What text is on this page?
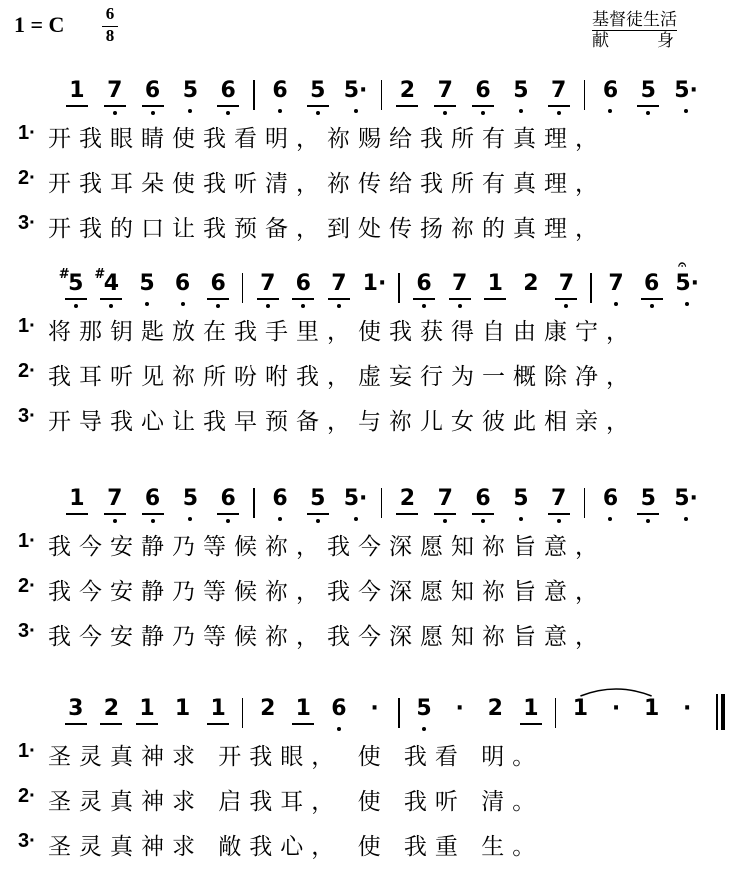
1 = C 6
8
基督徒生活
献	身
1 7 6 5 6 6 5 5· 2 7 6 5 7 6 5 5·
1· 开我眼睛使我看明，祢赐给我所有真理，
2· 开我耳朵使我听清，祢传给我所有真理，
3· 开我的口让我预备，到处传扬祢的真理，
5
# 4
# 5 6 6 7 6 7 1· 6 7 1 2 7 7 6 5·
𝄐
1· 将那钥匙放在我手里，使我获得自由康宁，
2· 我耳听见祢所吩咐我，虚妄行为一概除净，
3· 开导我心让我早预备，与祢儿女彼此相亲，
1 7 6 5 6 6 5 5· 2 7 6 5 7 6 5 5·
1· 我今安静乃等候祢，我今深愿知祢旨意，
2· 我今安静乃等候祢，我今深愿知祢旨意，
3· 我今安静乃等候祢，我今深愿知祢旨意，
3 2 1 1 1 2 1 6	·	5	·	2 1 1	·	1	·
1· 圣灵真神求 开我眼， 使 我看 明。
2· 圣灵真神求 启我耳， 使 我听 清。
3· 圣灵真神求 敞我心， 使 我重 生。
